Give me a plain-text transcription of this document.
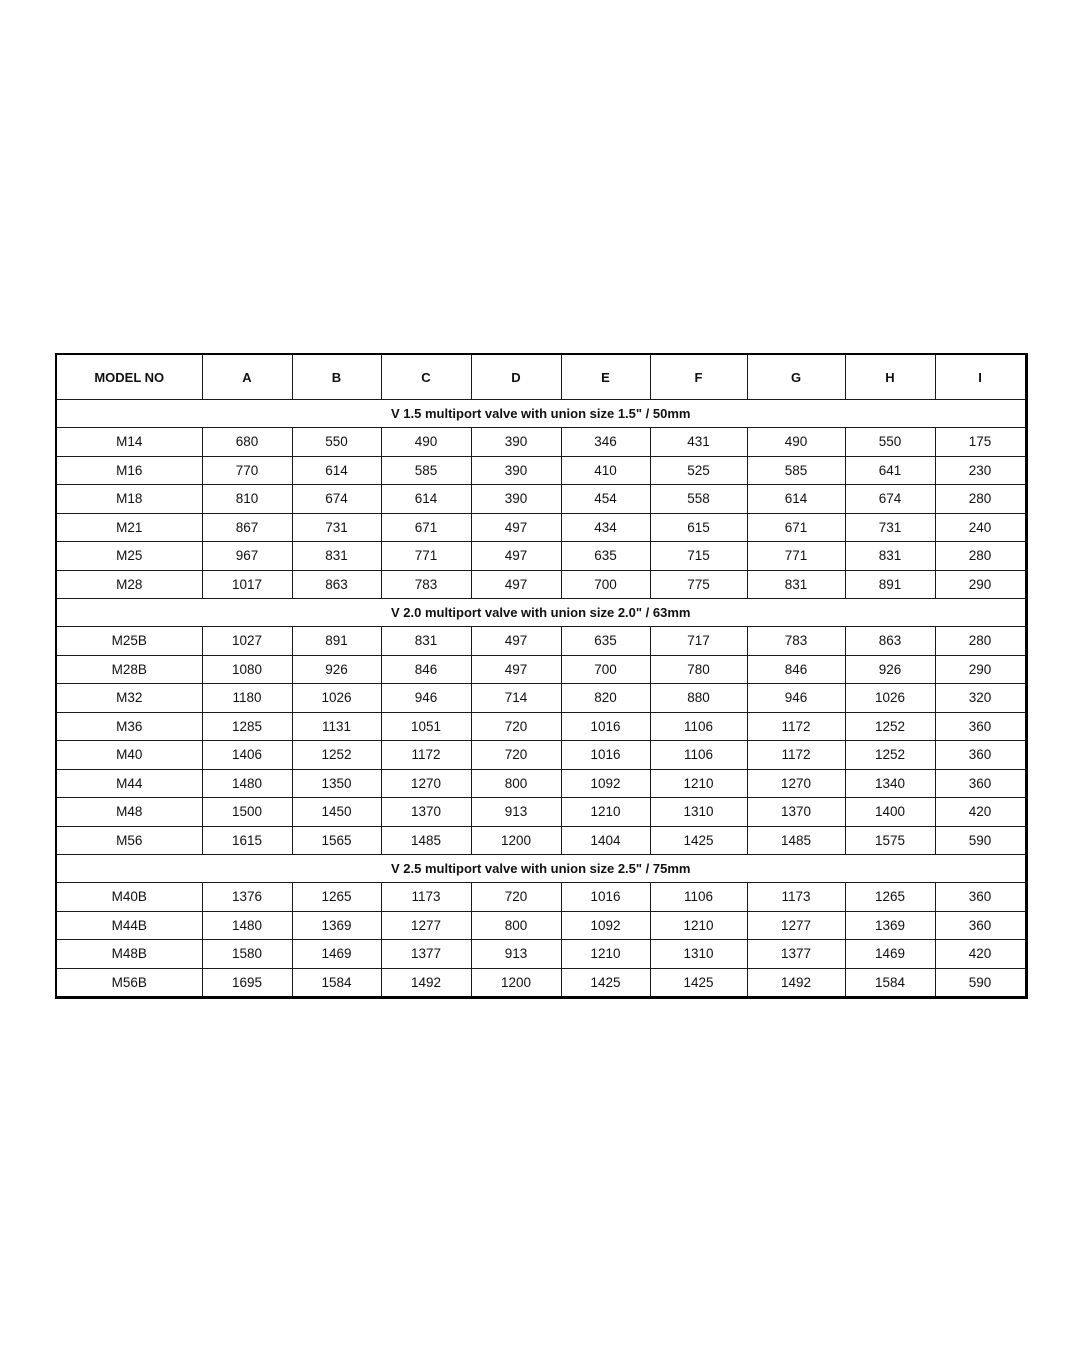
MODEL NO	A	B	C	D	E	F	G	H	I
V 1.5 multiport valve with union size 1.5" / 50mm									
M14	680	550	490	390	346	431	490	550	175
M16	770	614	585	390	410	525	585	641	230
M18	810	674	614	390	454	558	614	674	280
M21	867	731	671	497	434	615	671	731	240
M25	967	831	771	497	635	715	771	831	280
M28	1017	863	783	497	700	775	831	891	290
V 2.0 multiport valve with union size 2.0" / 63mm									
M25B	1027	891	831	497	635	717	783	863	280
M28B	1080	926	846	497	700	780	846	926	290
M32	1180	1026	946	714	820	880	946	1026	320
M36	1285	1131	1051	720	1016	1106	1172	1252	360
M40	1406	1252	1172	720	1016	1106	1172	1252	360
M44	1480	1350	1270	800	1092	1210	1270	1340	360
M48	1500	1450	1370	913	1210	1310	1370	1400	420
M56	1615	1565	1485	1200	1404	1425	1485	1575	590
V 2.5 multiport valve with union size 2.5" / 75mm									
M40B	1376	1265	1173	720	1016	1106	1173	1265	360
M44B	1480	1369	1277	800	1092	1210	1277	1369	360
M48B	1580	1469	1377	913	1210	1310	1377	1469	420
M56B	1695	1584	1492	1200	1425	1425	1492	1584	590
